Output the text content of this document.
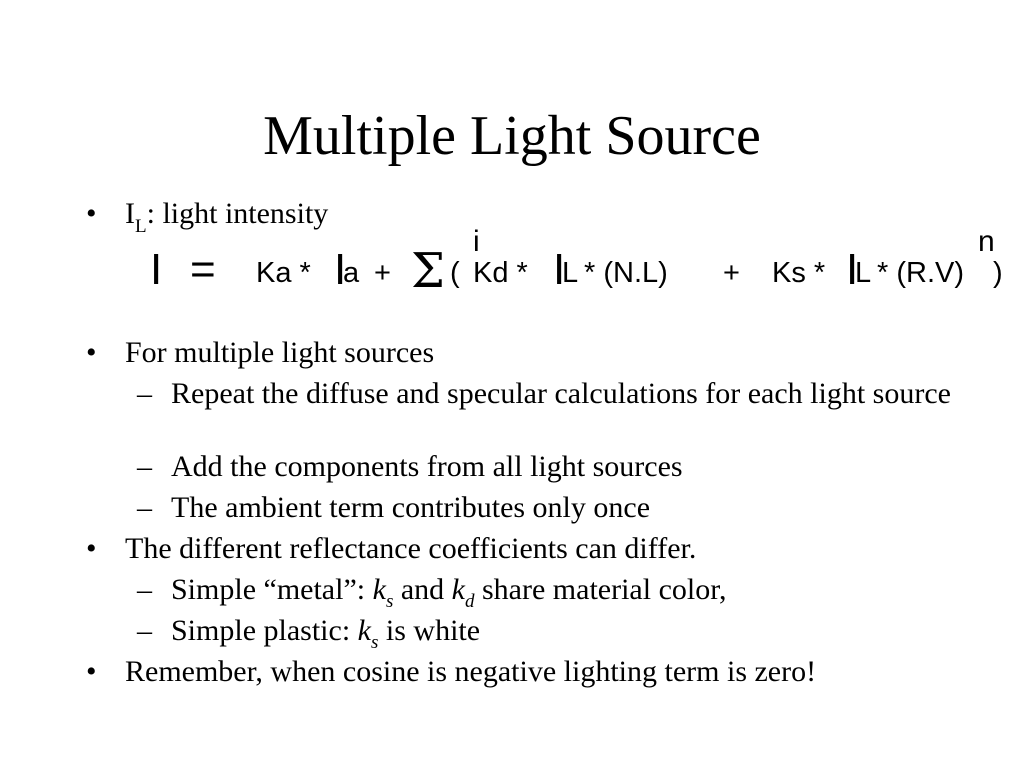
Multiple Light Source
• $I_L$: light intensity
I = Ka * I
a + Σ (
i
Kd * I
L * (N.L) + Ks * I
L * (R.V) )
n
• For multiple light sources
– Repeat the diffuse and specular calculations for each light source
– Add the components from all light sources
– The ambient term contributes only once
• The different reflectance coefficients can differ.
– Simple “metal”: $k_s$ and $k_d$ share material color,
– Simple plastic: $k_s$ is white
• Remember, when cosine is negative lighting term is zero!
